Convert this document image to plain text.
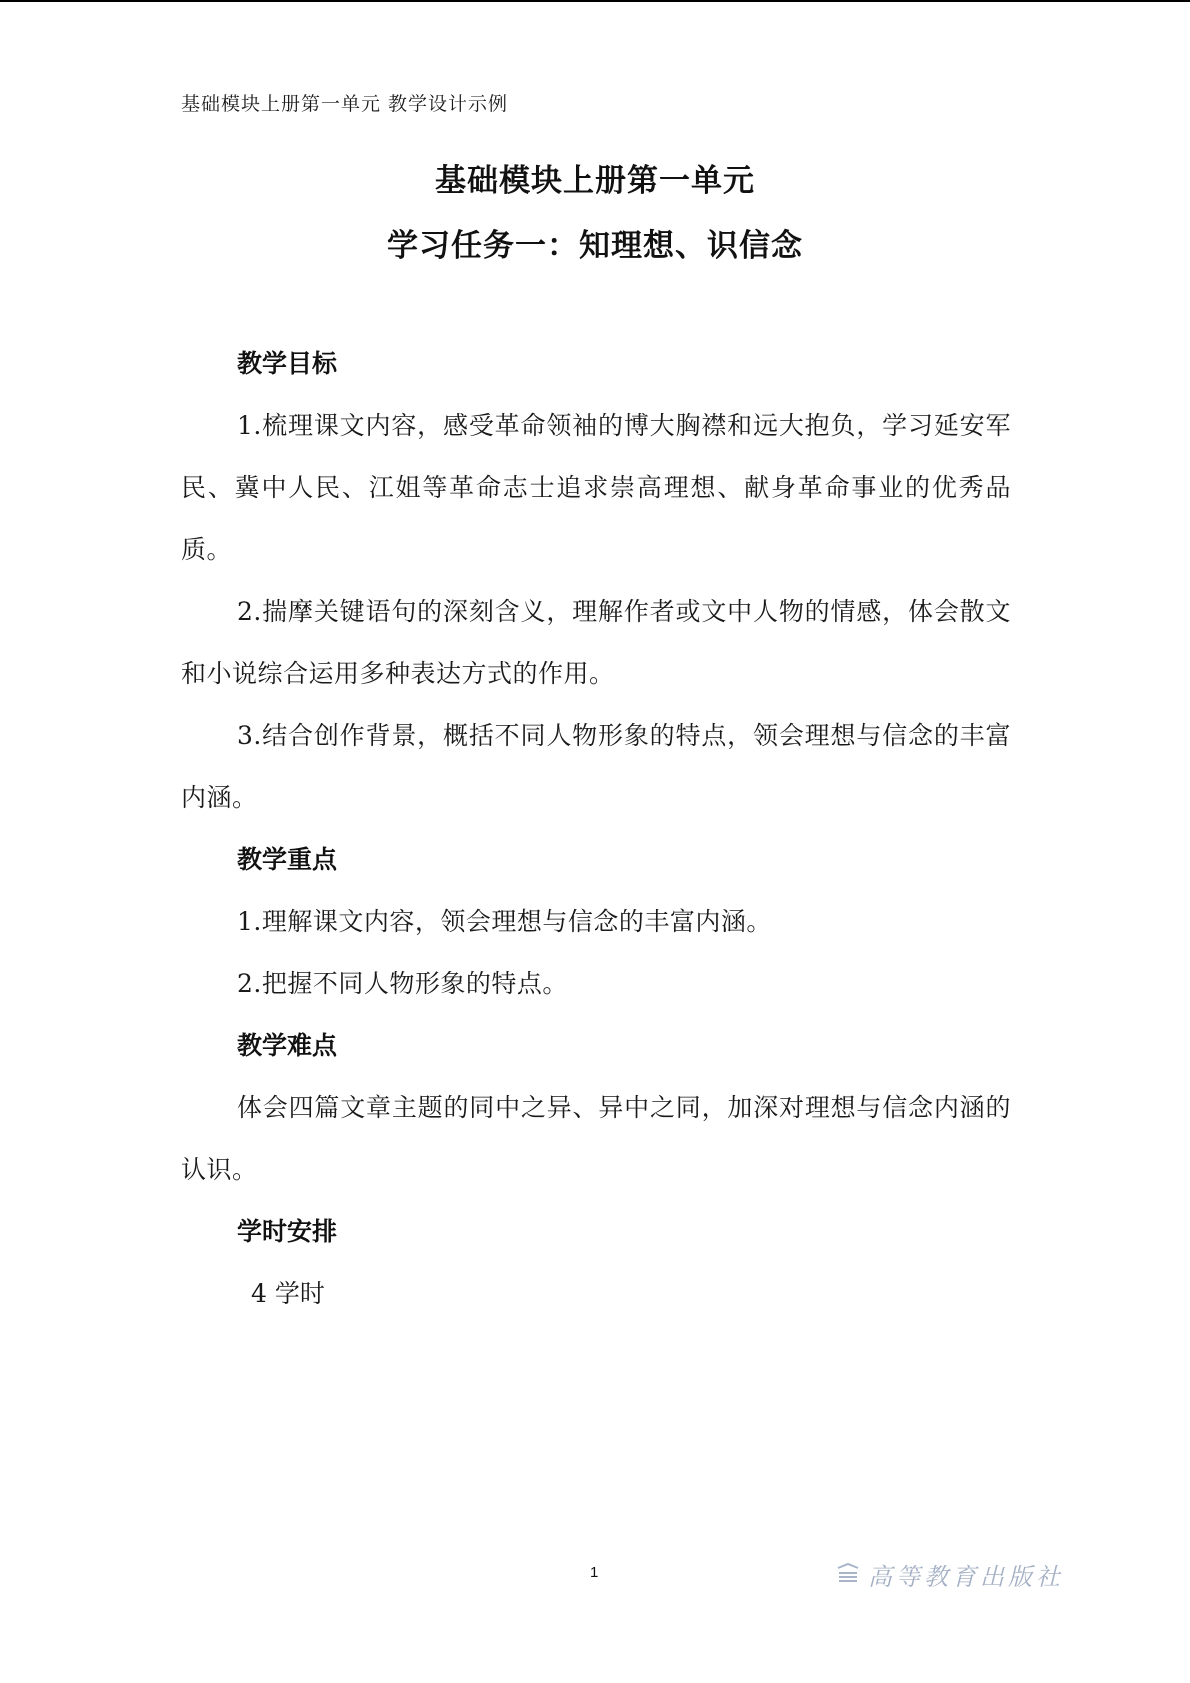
基础模块上册第一单元 教学设计示例
基础模块上册第一单元
学习任务一：知理想、识信念
教学目标

1.梳理课文内容，感受革命领袖的博大胸襟和远大抱负，学习延安军民、冀中人民、江姐等革命志士追求崇高理想、献身革命事业的优秀品质。

2.揣摩关键语句的深刻含义，理解作者或文中人物的情感，体会散文和小说综合运用多种表达方式的作用。

3.结合创作背景，概括不同人物形象的特点，领会理想与信念的丰富内涵。

教学重点

1.理解课文内容，领会理想与信念的丰富内涵。

2.把握不同人物形象的特点。

教学难点

体会四篇文章主题的同中之异、异中之同，加深对理想与信念内涵的认识。

学时安排

4 学时

1	高等教育出版社
